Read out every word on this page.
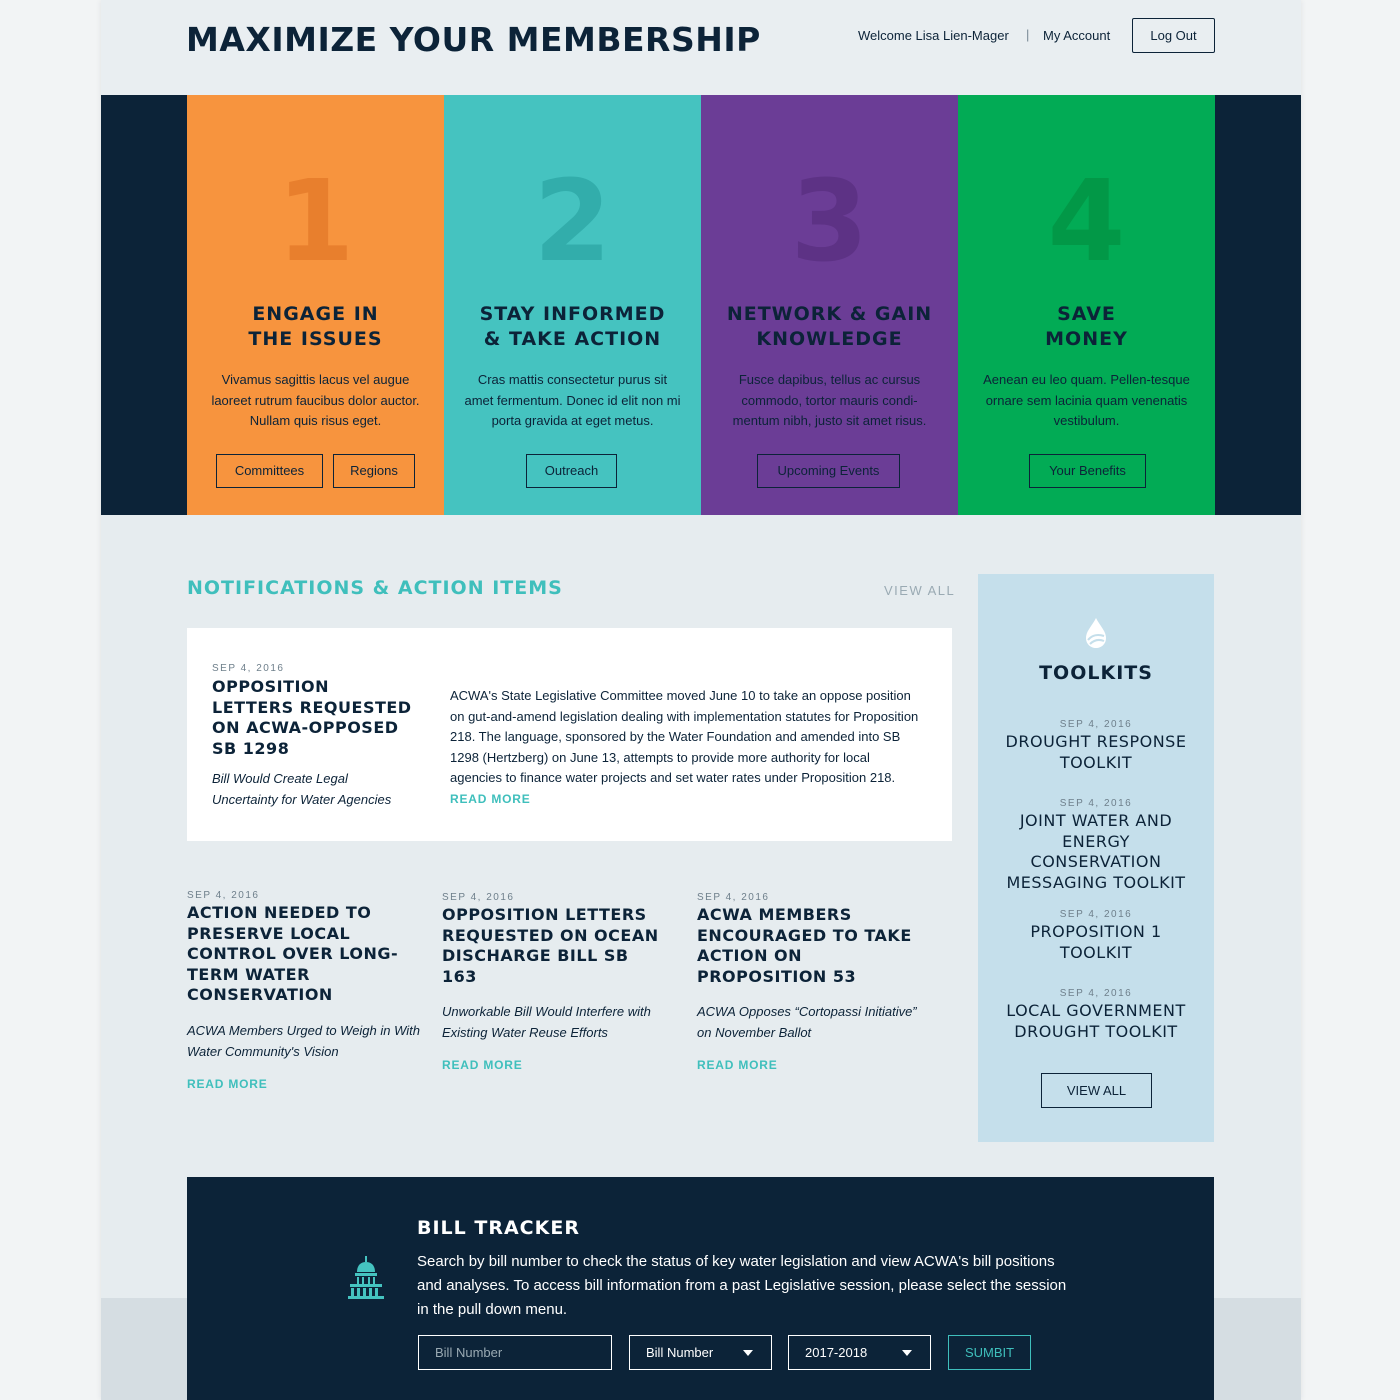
MAXIMIZE YOUR MEMBERSHIP	Welcome Lisa Lien-Mager | My Account	Log Out
1
ENGAGE IN
THE ISSUES
Vivamus sagittis lacus vel augue laoreet rutrum faucibus dolor auctor. Nullam quis risus eget.
Committees	Regions
2
STAY INFORMED
& TAKE ACTION
Cras mattis consectetur purus sit amet fermentum. Donec id elit non mi porta gravida at eget metus.
Outreach
3
NETWORK & GAIN
KNOWLEDGE
Fusce dapibus, tellus ac cursus commodo, tortor mauris condi-mentum nibh, justo sit amet risus.
Upcoming Events
4
SAVE
MONEY
Aenean eu leo quam. Pellen-tesque ornare sem lacinia quam venenatis vestibulum.
Your Benefits
NOTIFICATIONS & ACTION ITEMS	VIEW ALL
SEP 4, 2016
OPPOSITION LETTERS REQUESTED ON ACWA-OPPOSED SB 1298
Bill Would Create Legal Uncertainty for Water Agencies
ACWA's State Legislative Committee moved June 10 to take an oppose position on gut-and-amend legislation dealing with implementation statutes for Proposition 218. The language, sponsored by the Water Foundation and amended into SB 1298 (Hertzberg) on June 13, attempts to provide more authority for local agencies to finance water projects and set water rates under Proposition 218.  READ MORE
SEP 4, 2016
ACTION NEEDED TO PRESERVE LOCAL CONTROL OVER LONG-TERM WATER CONSERVATION
ACWA Members Urged to Weigh in With Water Community's Vision
READ MORE
SEP 4, 2016
OPPOSITION LETTERS REQUESTED ON OCEAN DISCHARGE BILL SB 163
Unworkable Bill Would Interfere with Existing Water Reuse Efforts
READ MORE
SEP 4, 2016
ACWA MEMBERS ENCOURAGED TO TAKE ACTION ON PROPOSITION 53
ACWA Opposes “Cortopassi Initiative” on November Ballot
READ MORE
TOOLKITS
SEP 4, 2016
DROUGHT RESPONSE TOOLKIT
SEP 4, 2016
JOINT WATER AND ENERGY CONSERVATION MESSAGING TOOLKIT
SEP 4, 2016
PROPOSITION 1 TOOLKIT
SEP 4, 2016
LOCAL GOVERNMENT DROUGHT TOOLKIT
VIEW ALL
BILL TRACKER
Search by bill number to check the status of key water legislation and view ACWA's bill positions and analyses. To access bill information from a past Legislative session, please select the session in the pull down menu.
Bill Number	Bill Number	2017-2018	SUMBIT
